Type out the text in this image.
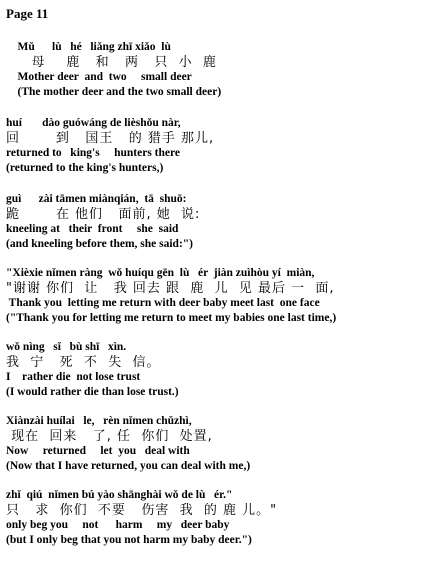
Page 11
Mǔ      lù   hé   liǎng zhī xiǎo  lù
母    鹿   和   两   只  小  鹿
Mother deer  and  two     small deer
(The mother deer and the two small deer)
huí       dào guówáng de lièshǒu nàr,
回       到   国王   的 猎手 那儿,
returned to   king's     hunters there
(returned to the king's hunters,)
guì      zài tāmen miànqián,  tā  shuō:
跪       在 他们   面前, 她  说:
kneeling at   their  front     she  said
(and kneeling before them, she said:")
"Xièxie nǐmen ràng  wǒ huíqu gēn  lù   ér  jiàn zuìhòu yí  miàn,
"谢谢 你们  让   我 回去 跟  鹿  儿  见 最后 一  面,
Thank you  letting me return with deer baby meet last  one face
("Thank you for letting me return to meet my babies one last time,)
wǒ nìng   sǐ   bù shī   xìn.
我  宁   死  不  失  信。
I    rather die  not lose trust
(I would rather die than lose trust.)
Xiànzài huílai   le,   rèn nǐmen chǔzhì,
现在  回来   了, 任  你们  处置,
Now     returned     let  you   deal with
(Now that I have returned, you can deal with me,)
zhǐ  qiú  nǐmen bú yào shānghài wǒ de lù   ér."
只   求  你们  不要   伤害  我  的 鹿 儿。"
only beg you     not      harm     my   deer baby
(but I only beg that you not harm my baby deer.")
